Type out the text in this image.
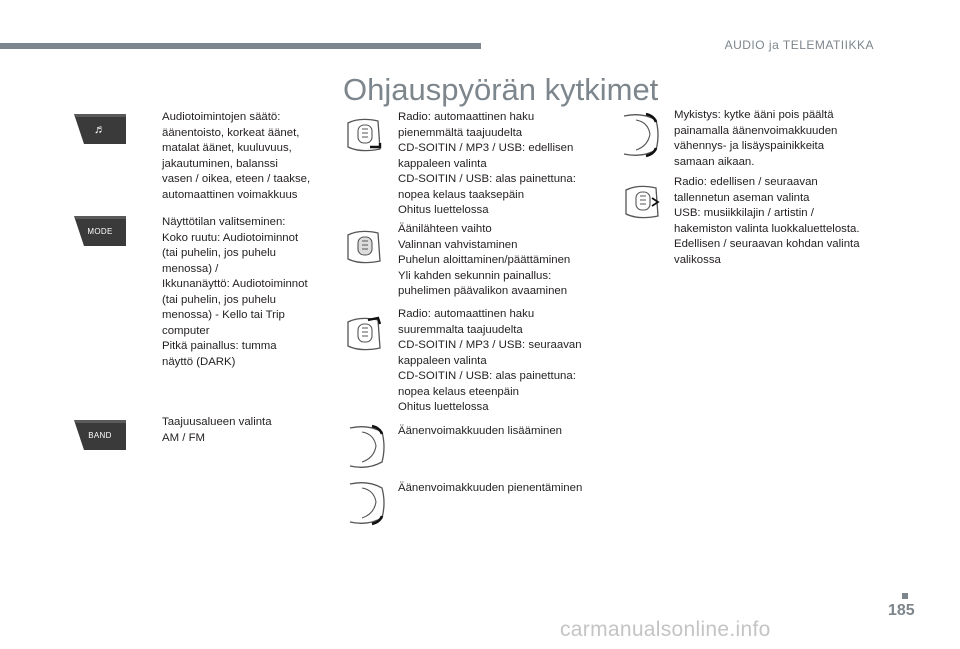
AUDIO ja TELEMATIIKKA
Ohjauspyörän kytkimet
♬

Audiotoimintojen säätö:
äänentoisto, korkeat äänet,
matalat äänet, kuuluvuus,
jakautuminen, balanssi
vasen / oikea, eteen / taakse,
automaattinen voimakkuus

MODE

Näyttötilan valitseminen:
Koko ruutu: Audiotoiminnot
(tai puhelin, jos puhelu
menossa) /
Ikkunanäyttö: Audiotoiminnot
(tai puhelin, jos puhelu
menossa) - Kello tai Trip
computer
Pitkä painallus: tumma
näyttö (DARK)

BAND

Taajuusalueen valinta
AM / FM

Radio: automaattinen haku
pienemmältä taajuudelta
CD-SOITIN / MP3 / USB: edellisen
kappaleen valinta
CD-SOITIN / USB: alas painettuna:
nopea kelaus taaksepäin
Ohitus luettelossa

Äänilähteen vaihto
Valinnan vahvistaminen
Puhelun aloittaminen/päättäminen
Yli kahden sekunnin painallus:
puhelimen päävalikon avaaminen

Radio: automaattinen haku
suuremmalta taajuudelta
CD-SOITIN / MP3 / USB: seuraavan
kappaleen valinta
CD-SOITIN / USB: alas painettuna:
nopea kelaus eteenpäin
Ohitus luettelossa

Äänenvoimakkuuden lisääminen

Äänenvoimakkuuden pienentäminen

Mykistys: kytke ääni pois päältä
painamalla äänenvoimakkuuden
vähennys- ja lisäyspainikkeita
samaan aikaan.

Radio: edellisen / seuraavan
tallennetun aseman valinta
USB: musiikkilajin / artistin /
hakemiston valinta luokkaluettelosta.
Edellisen / seuraavan kohdan valinta
valikossa

185
carmanualsonline.info
